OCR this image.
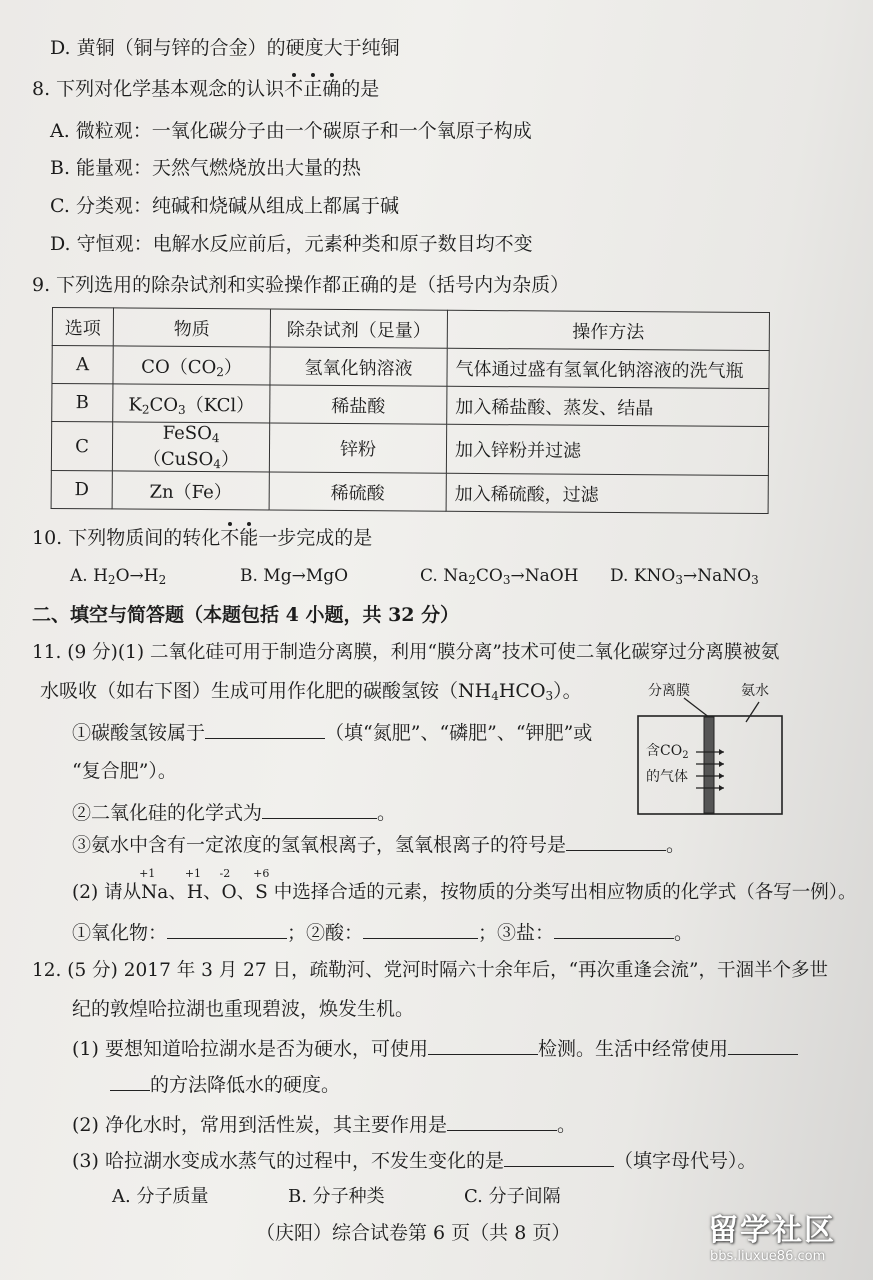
D. 黄铜（铜与锌的合金）的硬度大于纯铜
8. 下列对化学基本观念的认识不正确的是
A. 微粒观：一氧化碳分子由一个碳原子和一个氧原子构成
B. 能量观：天然气燃烧放出大量的热
C. 分类观：纯碱和烧碱从组成上都属于碱
D. 守恒观：电解水反应前后，元素种类和原子数目均不变
9. 下列选用的除杂试剂和实验操作都正确的是（括号内为杂质）
选项	物质	除杂试剂（足量）	操作方法
A	$CO(CO_2)$	氢氧化钠溶液	气体通过盛有氢氧化钠溶液的洗气瓶
B	$K_2CO_3(KCl)$	稀盐酸	加入稀盐酸、蒸发、结晶
C	FeSO$_4$（CuSO$_4$）	锌粉	加入锌粉并过滤
D	Zn（Fe）	稀硫酸	加入稀硫酸，过滤
10. 下列物质间的转化不能一步完成的是
A. $H_2O\to H_2$	B. Mg→MgO	C. $Na_2CO_3\to NaOH$ D. $KNO_3\to NaNO_3$
二、填空与简答题（本题包括 4 小题，共 32 分）
11. (9 分)(1) 二氧化硅可用于制造分离膜，利用“膜分离”技术可使二氧化碳穿过分离膜被氨
水吸收（如右下图）生成可用作化肥的碳酸氢铵$(NH_4HCO_3)$。
①碳酸氢铵属于	（填“氮肥”、“磷肥”、“钾肥”或
“复合肥”）。
②二氧化硅的化学式为	。
③氨水中含有一定浓度的氢氧根离子，氢氧根离子的符号是	。
(2) 请从
+1
Na、
+1
H、
-2
O、
+6
S 中选择合适的元素，按物质的分类写出相应物质的化学式（各写一例）。
①氧化物：	；②酸：	；③盐：	。
分离膜	氨水
含$CO_2$
的气体
12. (5 分) 2017 年 3 月 27 日，疏勒河、党河时隔六十余年后，“再次重逢会流”，干涸半个多世
纪的敦煌哈拉湖也重现碧波，焕发生机。
(1) 要想知道哈拉湖水是否为硬水，可使用	检测。生活中经常使用
的方法降低水的硬度。
(2) 净化水时，常用到活性炭，其主要作用是	。
(3) 哈拉湖水变成水蒸气的过程中，不发生变化的是	（填字母代号）。
A. 分子质量	B. 分子种类	C. 分子间隔
（庆阳）综合试卷第 6 页（共 8 页）	留学社区
bbs.liuxue86.com
